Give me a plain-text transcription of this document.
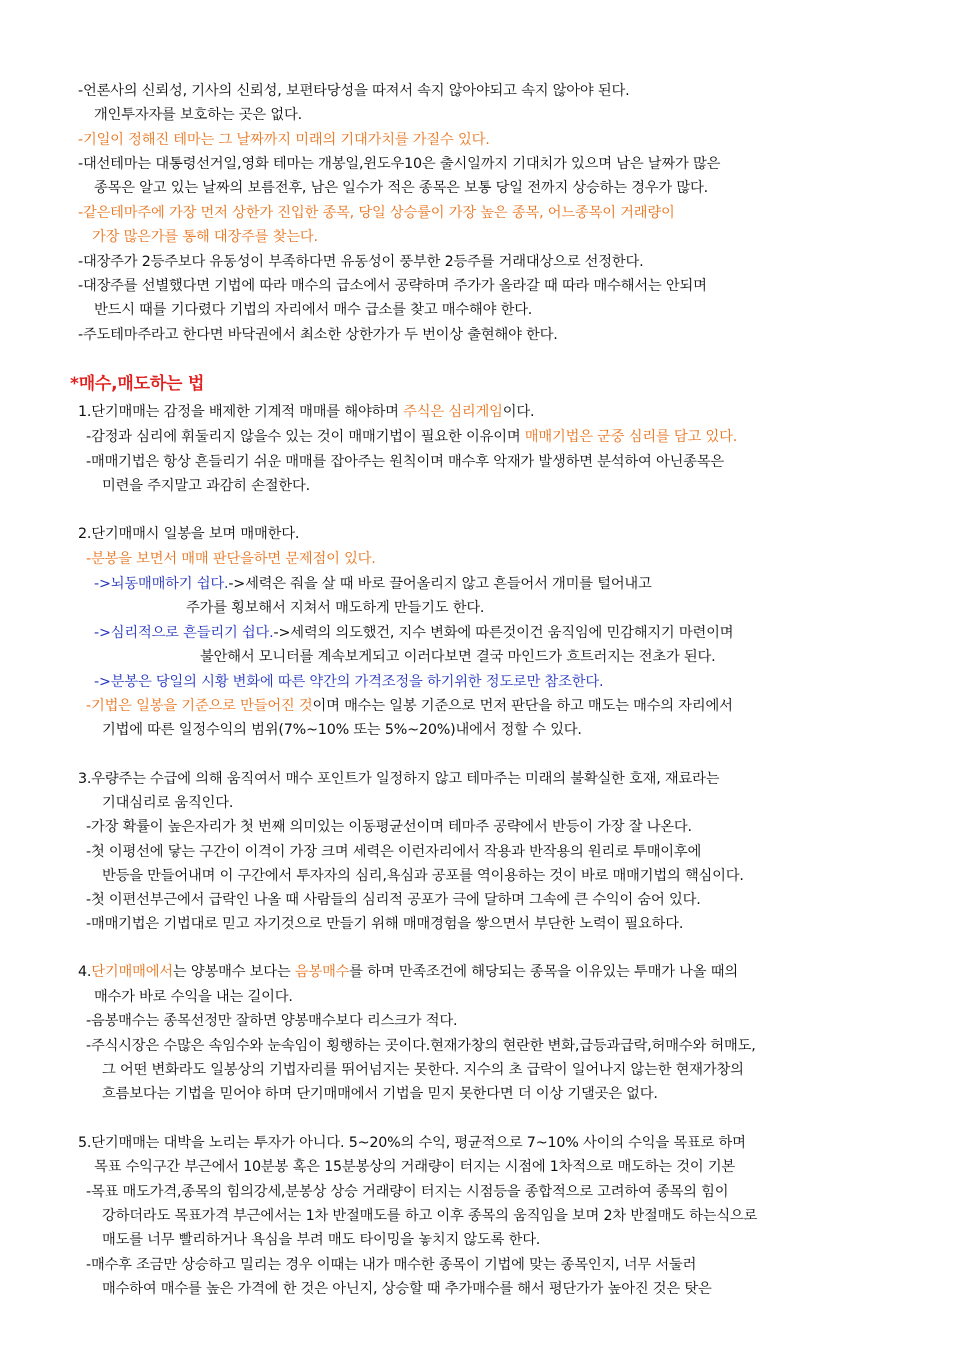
-언론사의 신뢰성, 기사의 신뢰성, 보편타당성을 따져서 속지 않아야되고 속지 않아야 된다.
개인투자자를 보호하는 곳은 없다.
-기일이 정해진 테마는 그 날짜까지 미래의 기대가치를 가질수 있다.
-대선테마는 대통령선거일,영화 테마는 개봉일,윈도우10은 출시일까지 기대치가 있으며 남은 날짜가 많은
종목은 알고 있는 날짜의 보름전후, 남은 일수가 적은 종목은 보통 당일 전까지 상승하는 경우가 많다.
-같은테마주에 가장 먼저 상한가 진입한 종목, 당일 상승률이 가장 높은 종목, 어느종목이 거래량이
가장 많은가를 통해 대장주를 찾는다.
-대장주가 2등주보다 유동성이 부족하다면 유동성이 풍부한 2등주를 거래대상으로 선정한다.
-대장주를 선별했다면 기법에 따라 매수의 급소에서 공략하며 주가가 올라갈 때 따라 매수해서는 안되며
반드시 때를 기다렸다 기법의 자리에서 매수 급소를 찾고 매수해야 한다.
-주도테마주라고 한다면 바닥권에서 최소한 상한가가 두 번이상 출현해야 한다.
*매수,매도하는 법
1.단기매매는 감정을 배제한 기계적 매매를 해야하며 주식은 심리게임이다.
-감정과 심리에 휘둘리지 않을수 있는 것이 매매기법이 필요한 이유이며 매매기법은 군중 심리를 담고 있다.
-매매기법은 항상 흔들리기 쉬운 매매를 잡아주는 원칙이며 매수후 악재가 발생하면 분석하여 아닌종목은
미련을 주지말고 과감히 손절한다.
2.단기매매시 일봉을 보며 매매한다.
-분봉을 보면서 매매 판단을하면 문제점이 있다.
->뇌동매매하기 쉽다.->세력은 줘을 살 때 바로 끌어올리지 않고 흔들어서 개미를 털어내고
주가를 횡보해서 지쳐서 매도하게 만들기도 한다.
->심리적으로 흔들리기 쉽다.->세력의 의도했건, 지수 변화에 따른것이건 움직임에 민감해지기 마련이며
불안해서 모니터를 계속보게되고 이러다보면 결국 마인드가 흐트러지는 전초가 된다.
->분봉은 당일의 시황 변화에 따른 약간의 가격조정을 하기위한 정도로만 참조한다.
-기법은 일봉을 기준으로 만들어진 것이며 매수는 일봉 기준으로 먼저 판단을 하고 매도는 매수의 자리에서
기법에 따른 일정수익의 범위(7%~10% 또는 5%~20%)내에서 정할 수 있다.
3.우량주는 수급에 의해 움직여서 매수 포인트가 일정하지 않고 테마주는 미래의 불확실한 호재, 재료라는
기대심리로 움직인다.
-가장 확률이 높은자리가 첫 번째 의미있는 이동평균선이며 테마주 공략에서 반등이 가장 잘 나온다.
-첫 이평선에 닿는 구간이 이격이 가장 크며 세력은 이런자리에서 작용과 반작용의 원리로 투매이후에
반등을 만들어내며 이 구간에서 투자자의 심리,욕심과 공포를 역이용하는 것이 바로 매매기법의 핵심이다.
-첫 이편선부근에서 급락인 나올 때 사람들의 심리적 공포가 극에 달하며 그속에 큰 수익이 숨어 있다.
-매매기법은 기법대로 믿고 자기것으로 만들기 위해 매매경험을 쌓으면서 부단한 노력이 필요하다.
4.단기매매에서는 양봉매수 보다는 음봉매수를 하며 만족조건에 해당되는 종목을 이유있는 투매가 나올 때의
매수가 바로 수익을 내는 길이다.
-음봉매수는 종목선정만 잘하면 양봉매수보다 리스크가 적다.
-주식시장은 수많은 속임수와 눈속임이 횡행하는 곳이다.현재가창의 현란한 변화,급등과급락,허매수와 허매도,
그 어떤 변화라도 일봉상의 기법자리를 뛰어넘지는 못한다. 지수의 초 급락이 일어나지 않는한 현재가창의
흐름보다는 기법을 믿어야 하며 단기매매에서 기법을 믿지 못한다면 더 이상 기댈곳은 없다.
5.단기매매는 대박을 노리는 투자가 아니다. 5~20%의 수익, 평균적으로 7~10% 사이의 수익을 목표로 하며
목표 수익구간 부근에서 10분봉 혹은 15분봉상의 거래량이 터지는 시점에 1차적으로 매도하는 것이 기본
-목표 매도가격,종목의 힘의강세,분봉상 상승 거래량이 터지는 시점등을 종합적으로 고려하여 종목의 힘이
강하더라도 목표가격 부근에서는 1차 반절매도를 하고 이후 종목의 움직임을 보며 2차 반절매도 하는식으로
매도를 너무 빨리하거나 욕심을 부려 매도 타이밍을 놓치지 않도록 한다.
-매수후 조금만 상승하고 밀리는 경우 이때는 내가 매수한 종목이 기법에 맞는 종목인지, 너무 서둘러
매수하여 매수를 높은 가격에 한 것은 아닌지, 상승할 때 추가매수를 해서 평단가가 높아진 것은 탓은
